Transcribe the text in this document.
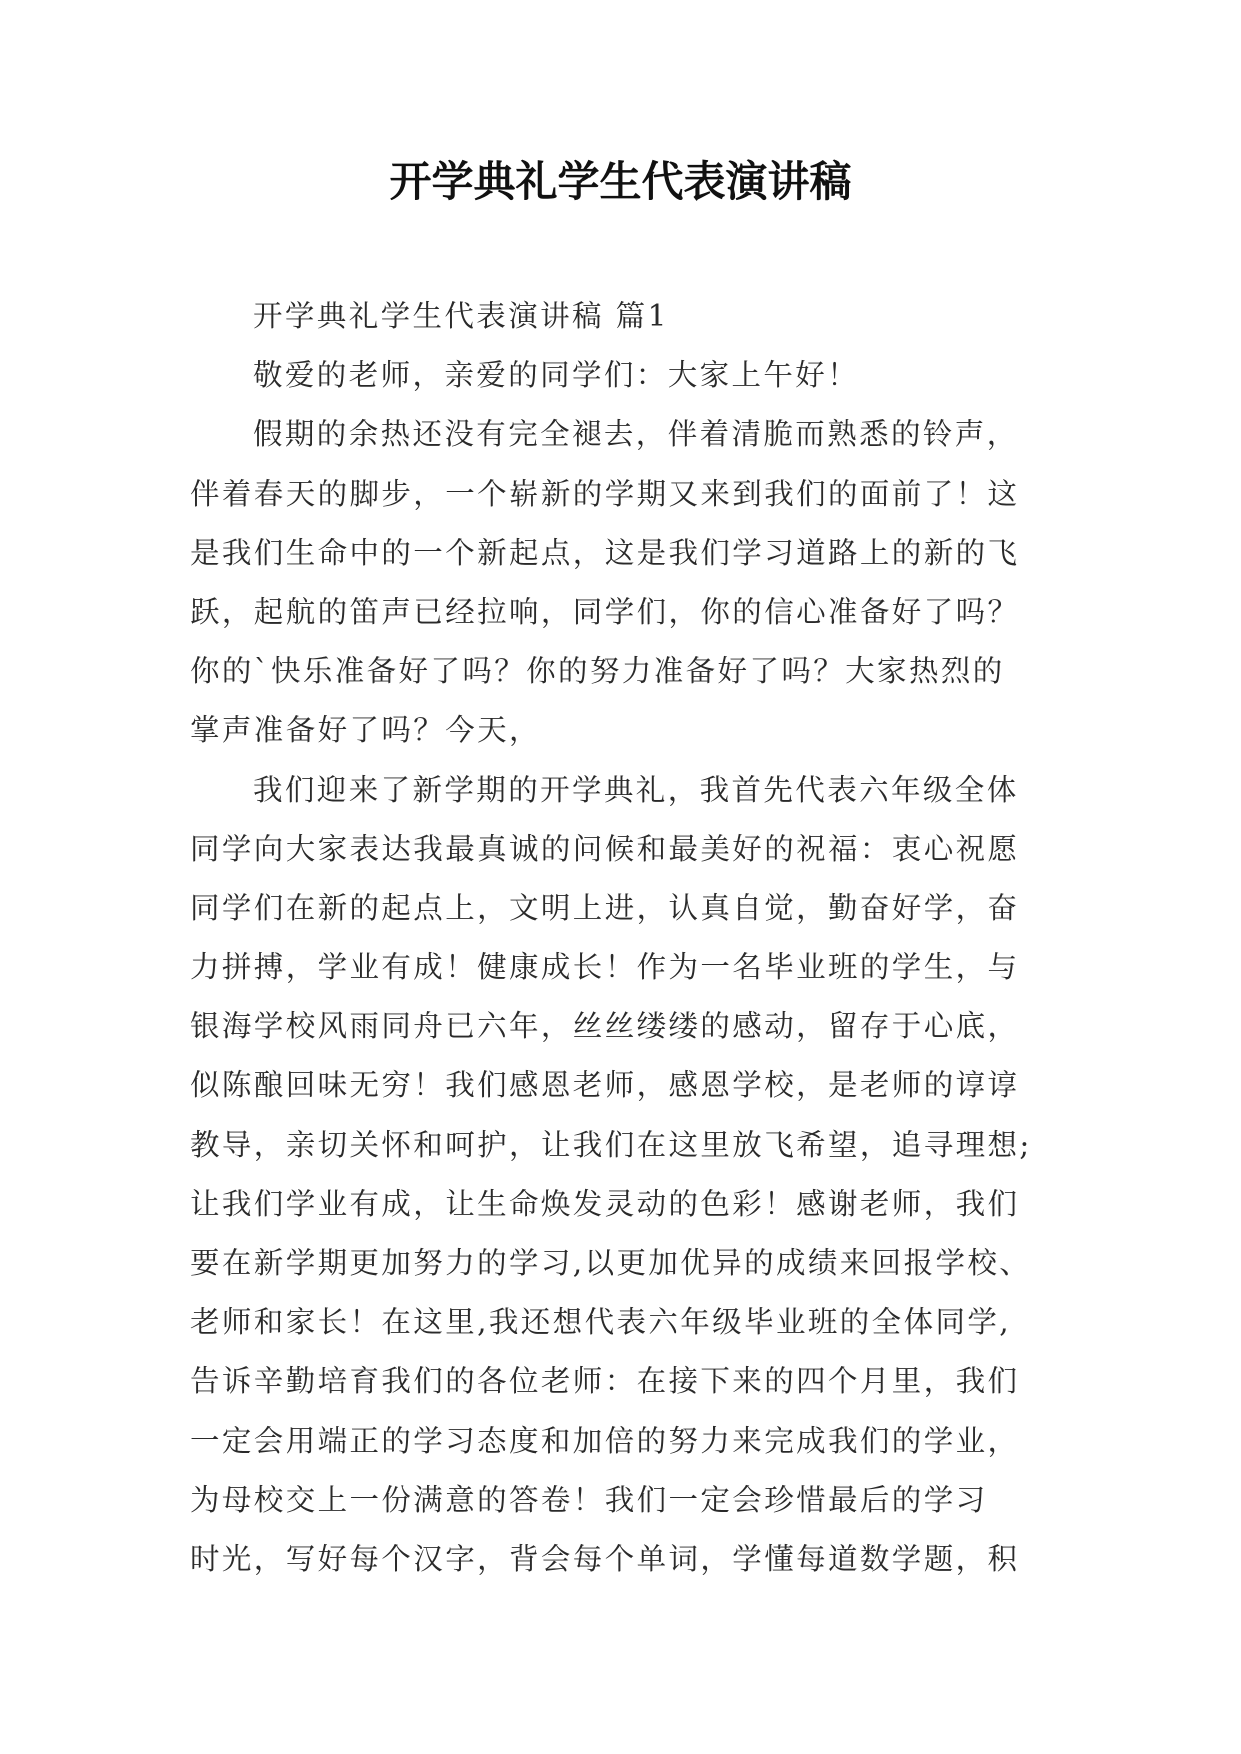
开学典礼学生代表演讲稿
开学典礼学生代表演讲稿 篇1
敬爱的老师，亲爱的同学们：大家上午好！
假期的余热还没有完全褪去，伴着清脆而熟悉的铃声，
伴着春天的脚步，一个崭新的学期又来到我们的面前了！这
是我们生命中的一个新起点，这是我们学习道路上的新的飞
跃，起航的笛声已经拉响，同学们，你的信心准备好了吗？
你的`快乐准备好了吗？你的努力准备好了吗？大家热烈的
掌声准备好了吗？今天，
我们迎来了新学期的开学典礼，我首先代表六年级全体
同学向大家表达我最真诚的问候和最美好的祝福：衷心祝愿
同学们在新的起点上，文明上进，认真自觉，勤奋好学，奋
力拼搏，学业有成！健康成长！作为一名毕业班的学生，与
银海学校风雨同舟已六年，丝丝缕缕的感动，留存于心底，
似陈酿回味无穷！我们感恩老师，感恩学校，是老师的谆谆
教导，亲切关怀和呵护，让我们在这里放飞希望，追寻理想;
让我们学业有成，让生命焕发灵动的色彩！感谢老师，我们
要在新学期更加努力的学习,以更加优异的成绩来回报学校、
老师和家长！在这里,我还想代表六年级毕业班的全体同学,
告诉辛勤培育我们的各位老师：在接下来的四个月里，我们
一定会用端正的学习态度和加倍的努力来完成我们的学业，
为母校交上一份满意的答卷！我们一定会珍惜最后的学习
时光，写好每个汉字，背会每个单词，学懂每道数学题，积
